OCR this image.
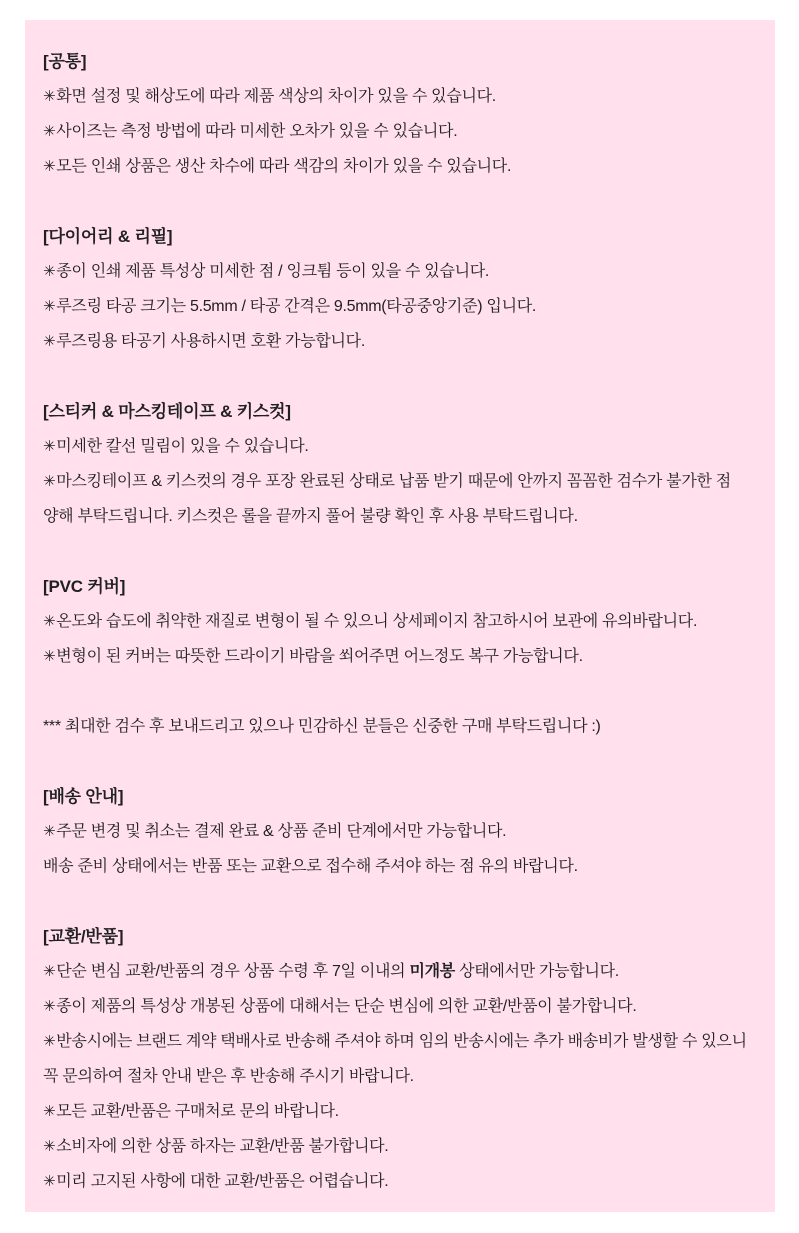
[공통]
✳화면 설정 및 해상도에 따라 제품 색상의 차이가 있을 수 있습니다.
✳사이즈는 측정 방법에 따라 미세한 오차가 있을 수 있습니다.
✳모든 인쇄 상품은 생산 차수에 따라 색감의 차이가 있을 수 있습니다.
[다이어리 & 리필]
✳종이 인쇄 제품 특성상 미세한 점 / 잉크튐 등이 있을 수 있습니다.
✳루즈링 타공 크기는 5.5mm / 타공 간격은 9.5mm(타공중앙기준) 입니다.
✳루즈링용 타공기 사용하시면 호환 가능합니다.
[스티커 & 마스킹테이프 & 키스컷]
✳미세한 칼선 밀림이 있을 수 있습니다.
✳마스킹테이프 & 키스컷의 경우 포장 완료된 상태로 납품 받기 때문에 안까지 꼼꼼한 검수가 불가한 점
양해 부탁드립니다. 키스컷은 롤을 끝까지 풀어 불량 확인 후 사용 부탁드립니다.
[PVC 커버]
✳온도와 습도에 취약한 재질로 변형이 될 수 있으니 상세페이지 참고하시어 보관에 유의바랍니다.
✳변형이 된 커버는 따뜻한 드라이기 바람을 쐬어주면 어느정도 복구 가능합니다.
*** 최대한 검수 후 보내드리고 있으나 민감하신 분들은 신중한 구매 부탁드립니다 :)
[배송 안내]
✳주문 변경 및 취소는 결제 완료 & 상품 준비 단계에서만 가능합니다.
배송 준비 상태에서는 반품 또는 교환으로 접수해 주셔야 하는 점 유의 바랍니다.
[교환/반품]
✳단순 변심 교환/반품의 경우 상품 수령 후 7일 이내의 미개봉 상태에서만 가능합니다.
✳종이 제품의 특성상 개봉된 상품에 대해서는 단순 변심에 의한 교환/반품이 불가합니다.
✳반송시에는 브랜드 계약 택배사로 반송해 주셔야 하며 임의 반송시에는 추가 배송비가 발생할 수 있으니
꼭 문의하여 절차 안내 받은 후 반송해 주시기 바랍니다.
✳모든 교환/반품은 구매처로 문의 바랍니다.
✳소비자에 의한 상품 하자는 교환/반품 불가합니다.
✳미리 고지된 사항에 대한 교환/반품은 어렵습니다.
